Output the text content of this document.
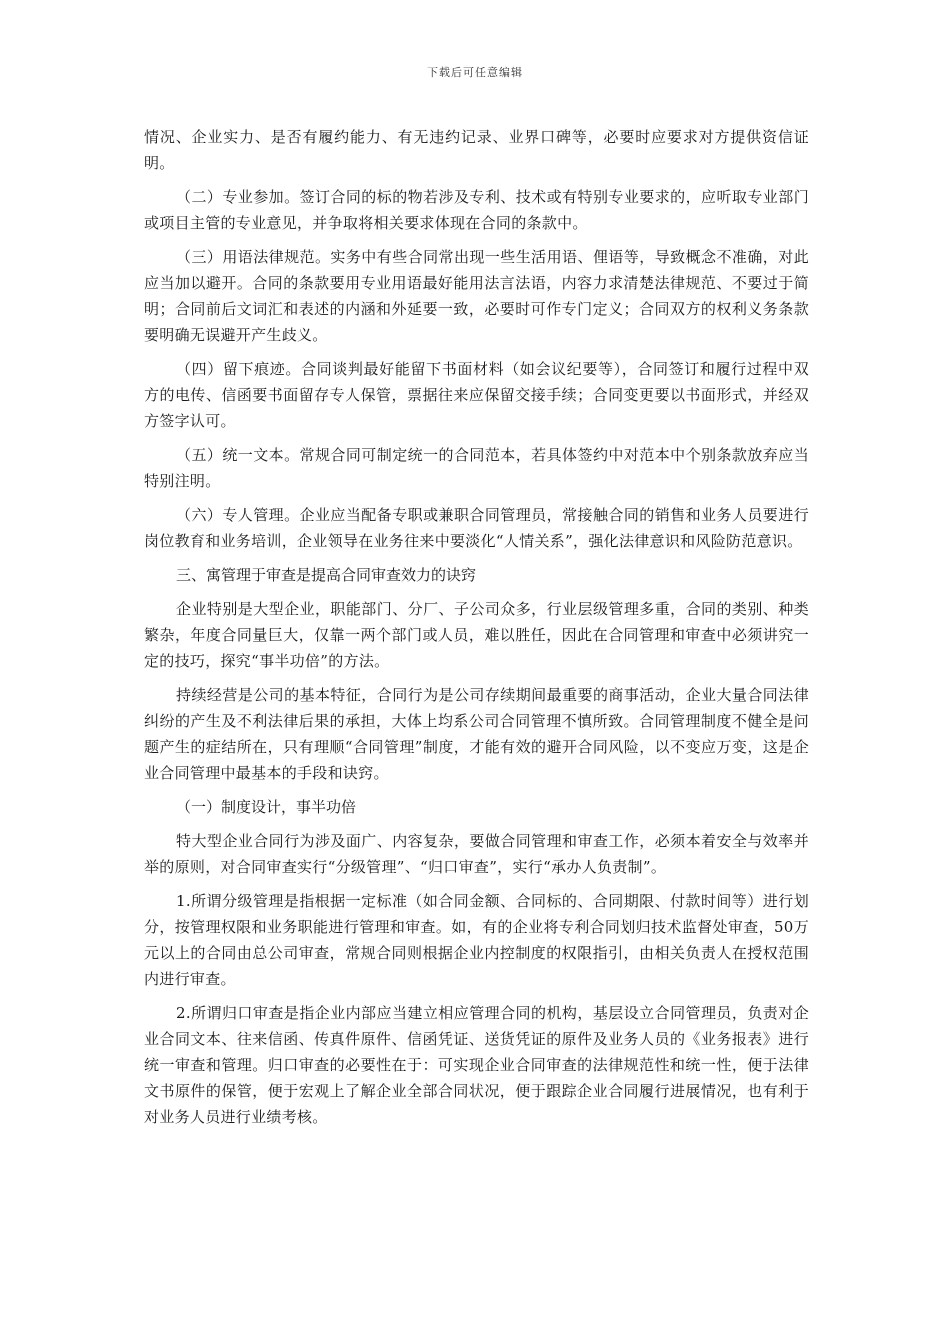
下载后可任意编辑

情况、企业实力、是否有履约能力、有无违约记录、业界口碑等，必要时应要求对方提供资信证明。

（二）专业参加。签订合同的标的物若涉及专利、技术或有特别专业要求的，应听取专业部门或项目主管的专业意见，并争取将相关要求体现在合同的条款中。

（三）用语法律规范。实务中有些合同常出现一些生活用语、俚语等，导致概念不准确，对此应当加以避开。合同的条款要用专业用语最好能用法言法语，内容力求清楚法律规范、不要过于简明；合同前后文词汇和表述的内涵和外延要一致，必要时可作专门定义；合同双方的权利义务条款要明确无误避开产生歧义。

（四）留下痕迹。合同谈判最好能留下书面材料（如会议纪要等），合同签订和履行过程中双方的电传、信函要书面留存专人保管，票据往来应保留交接手续；合同变更要以书面形式，并经双方签字认可。

（五）统一文本。常规合同可制定统一的合同范本，若具体签约中对范本中个别条款放弃应当特别注明。

（六）专人管理。企业应当配备专职或兼职合同管理员，常接触合同的销售和业务人员要进行岗位教育和业务培训，企业领导在业务往来中要淡化“人情关系”，强化法律意识和风险防范意识。

三、寓管理于审查是提高合同审查效力的诀窍

企业特别是大型企业，职能部门、分厂、子公司众多，行业层级管理多重，合同的类别、种类繁杂，年度合同量巨大，仅靠一两个部门或人员，难以胜任，因此在合同管理和审查中必须讲究一定的技巧，探究“事半功倍”的方法。

持续经营是公司的基本特征，合同行为是公司存续期间最重要的商事活动，企业大量合同法律纠纷的产生及不利法律后果的承担，大体上均系公司合同管理不慎所致。合同管理制度不健全是问题产生的症结所在，只有理顺“合同管理”制度，才能有效的避开合同风险，以不变应万变，这是企业合同管理中最基本的手段和诀窍。

（一）制度设计，事半功倍

特大型企业合同行为涉及面广、内容复杂，要做合同管理和审查工作，必须本着安全与效率并举的原则，对合同审查实行“分级管理”、“归口审查”，实行“承办人负责制”。

1.所谓分级管理是指根据一定标准（如合同金额、合同标的、合同期限、付款时间等）进行划分，按管理权限和业务职能进行管理和审查。如，有的企业将专利合同划归技术监督处审查，50万元以上的合同由总公司审查，常规合同则根据企业内控制度的权限指引，由相关负责人在授权范围内进行审查。

2.所谓归口审查是指企业内部应当建立相应管理合同的机构，基层设立合同管理员，负责对企业合同文本、往来信函、传真件原件、信函凭证、送货凭证的原件及业务人员的《业务报表》进行统一审查和管理。归口审查的必要性在于：可实现企业合同审查的法律规范性和统一性，便于法律文书原件的保管，便于宏观上了解企业全部合同状况，便于跟踪企业合同履行进展情况，也有利于对业务人员进行业绩考核。
